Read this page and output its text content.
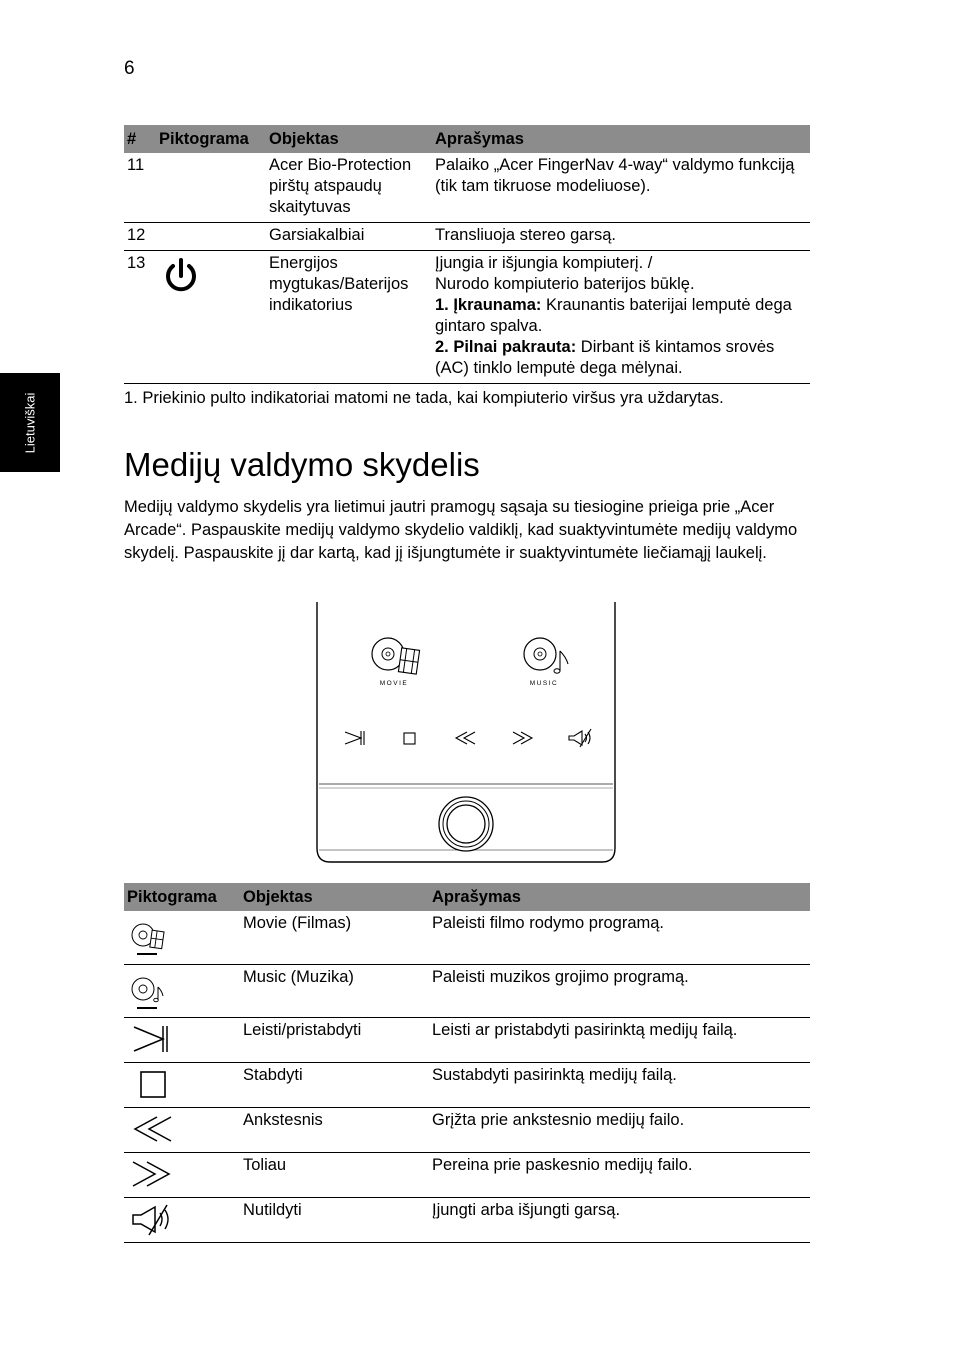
6
Lietuviškai
#	Piktograma	Objektas	Aprašymas
11		Acer Bio-Protection pirštų atspaudų skaitytuvas	Palaiko „Acer FingerNav 4-way“ valdymo funkciją (tik tam tikruose modeliuose).
12		Garsiakalbiai	Transliuoja stereo garsą.
13		Energijos mygtukas/Baterijos indikatorius	Įjungia ir išjungia kompiuterį. /
Nurodo kompiuterio baterijos būklę.
1. Įkraunama: Kraunantis baterijai lemputė dega gintaro spalva.
2. Pilnai pakrauta: Dirbant iš kintamos srovės (AC) tinklo lemputė dega mėlynai.
1. Priekinio pulto indikatoriai matomi ne tada, kai kompiuterio viršus yra uždarytas.
Medijų valdymo skydelis

Medijų valdymo skydelis yra lietimui jautri pramogų sąsaja su tiesiogine prieiga prie „Acer Arcade“. Paspauskite medijų valdymo skydelio valdiklį, kad suaktyvintumėte medijų valdymo skydelį. Paspauskite jį dar kartą, kad jį išjungtumėte ir suaktyvintumėte liečiamąjį laukelį.

MOVIE	MUSIC
Piktograma	Objektas	Aprašymas

	Movie (Filmas)	Paleisti filmo rodymo programą.

	Music (Muzika)	Paleisti muzikos grojimo programą.

	Leisti/pristabdyti	Leisti ar pristabdyti pasirinktą medijų failą.

	Stabdyti	Sustabdyti pasirinktą medijų failą.

	Ankstesnis	Grįžta prie ankstesnio medijų failo.

	Toliau	Pereina prie paskesnio medijų failo.

	Nutildyti	Įjungti arba išjungti garsą.
